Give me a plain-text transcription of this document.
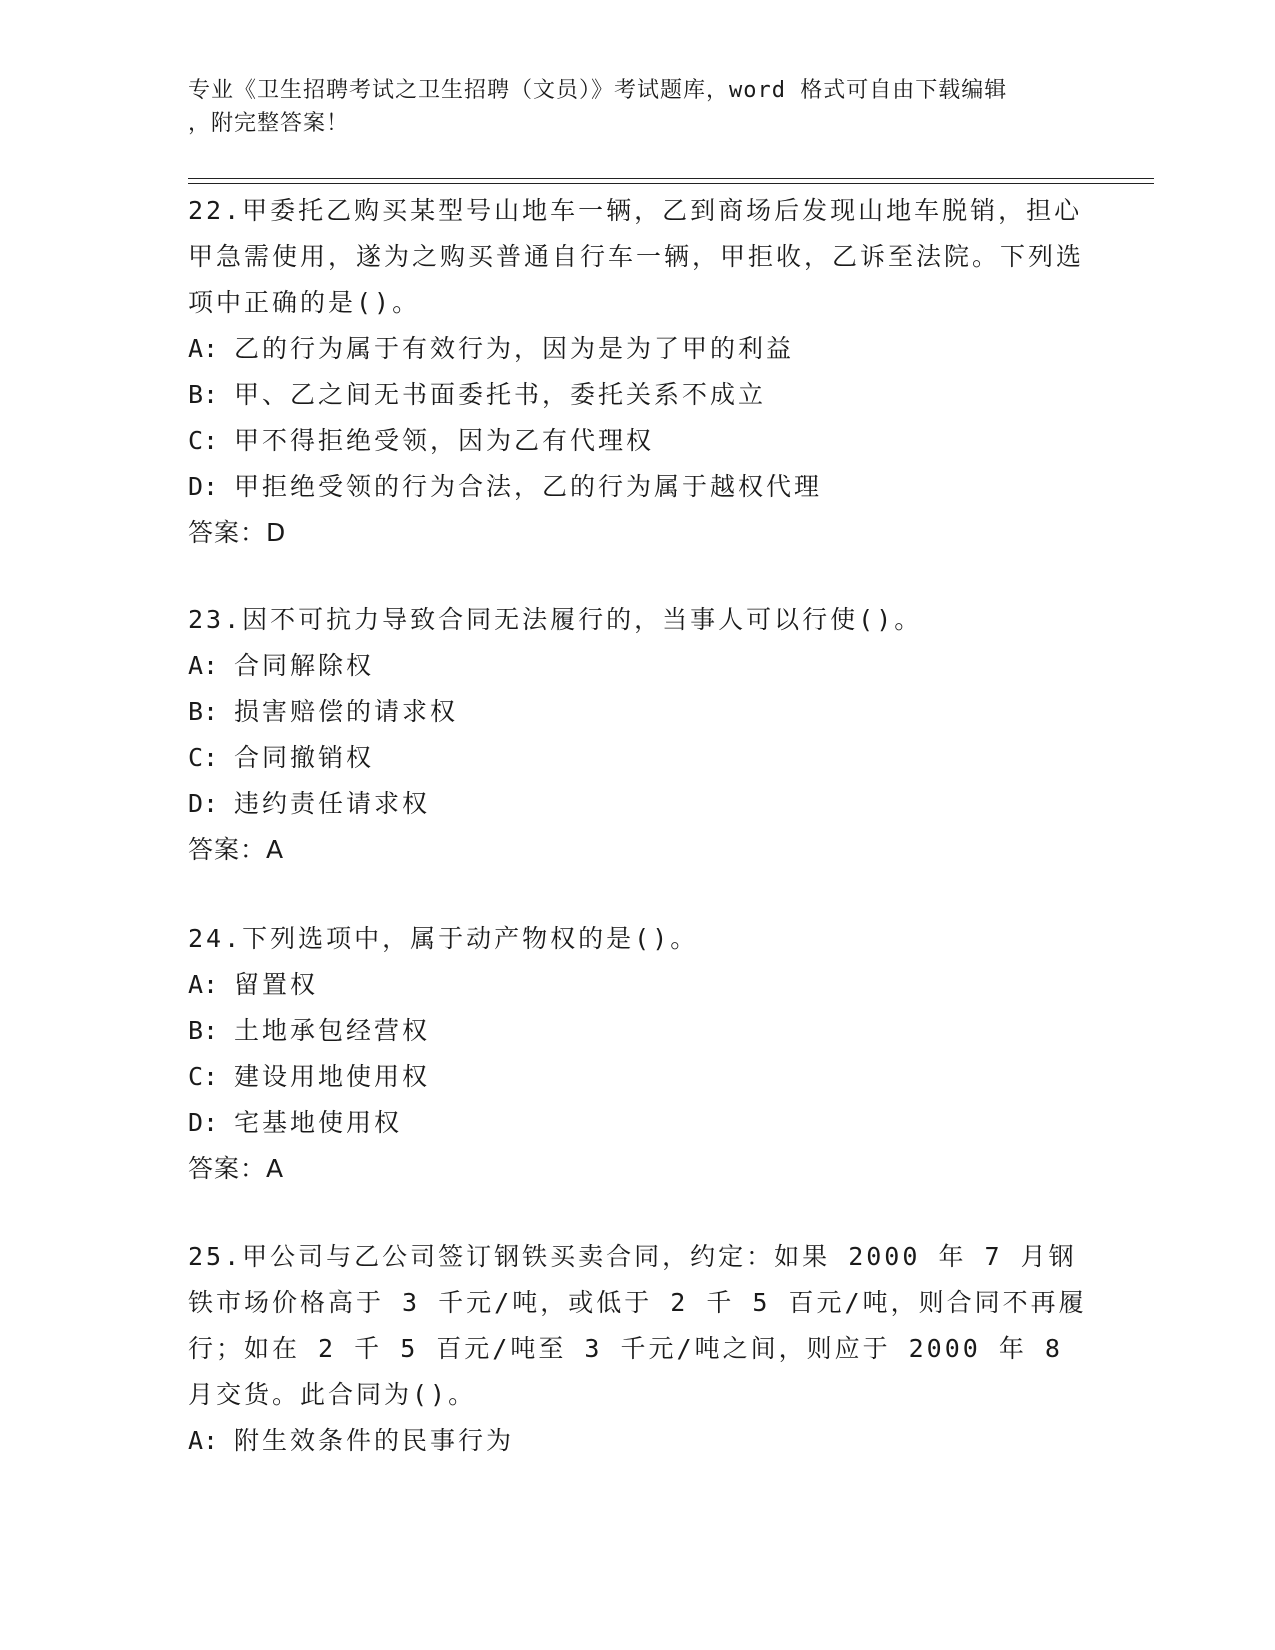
专业《卫生招聘考试之卫生招聘（文员）》考试题库，word 格式可自由下载编辑
，附完整答案！
22.甲委托乙购买某型号山地车一辆，乙到商场后发现山地车脱销，担心甲急需使用，遂为之购买普通自行车一辆，甲拒收，乙诉至法院。下列选项中正确的是()。
A: 乙的行为属于有效行为，因为是为了甲的利益
B: 甲、乙之间无书面委托书，委托关系不成立
C: 甲不得拒绝受领，因为乙有代理权
D: 甲拒绝受领的行为合法，乙的行为属于越权代理
答案：D
23.因不可抗力导致合同无法履行的，当事人可以行使()。
A: 合同解除权
B: 损害赔偿的请求权
C: 合同撤销权
D: 违约责任请求权
答案：A
24.下列选项中，属于动产物权的是()。
A: 留置权
B: 土地承包经营权
C: 建设用地使用权
D: 宅基地使用权
答案：A
25.甲公司与乙公司签订钢铁买卖合同，约定：如果 2000 年 7 月钢铁市场价格高于 3 千元/吨，或低于 2 千 5 百元/吨，则合同不再履行；如在 2 千 5 百元/吨至 3 千元/吨之间，则应于 2000 年 8 月交货。此合同为()。
A: 附生效条件的民事行为
